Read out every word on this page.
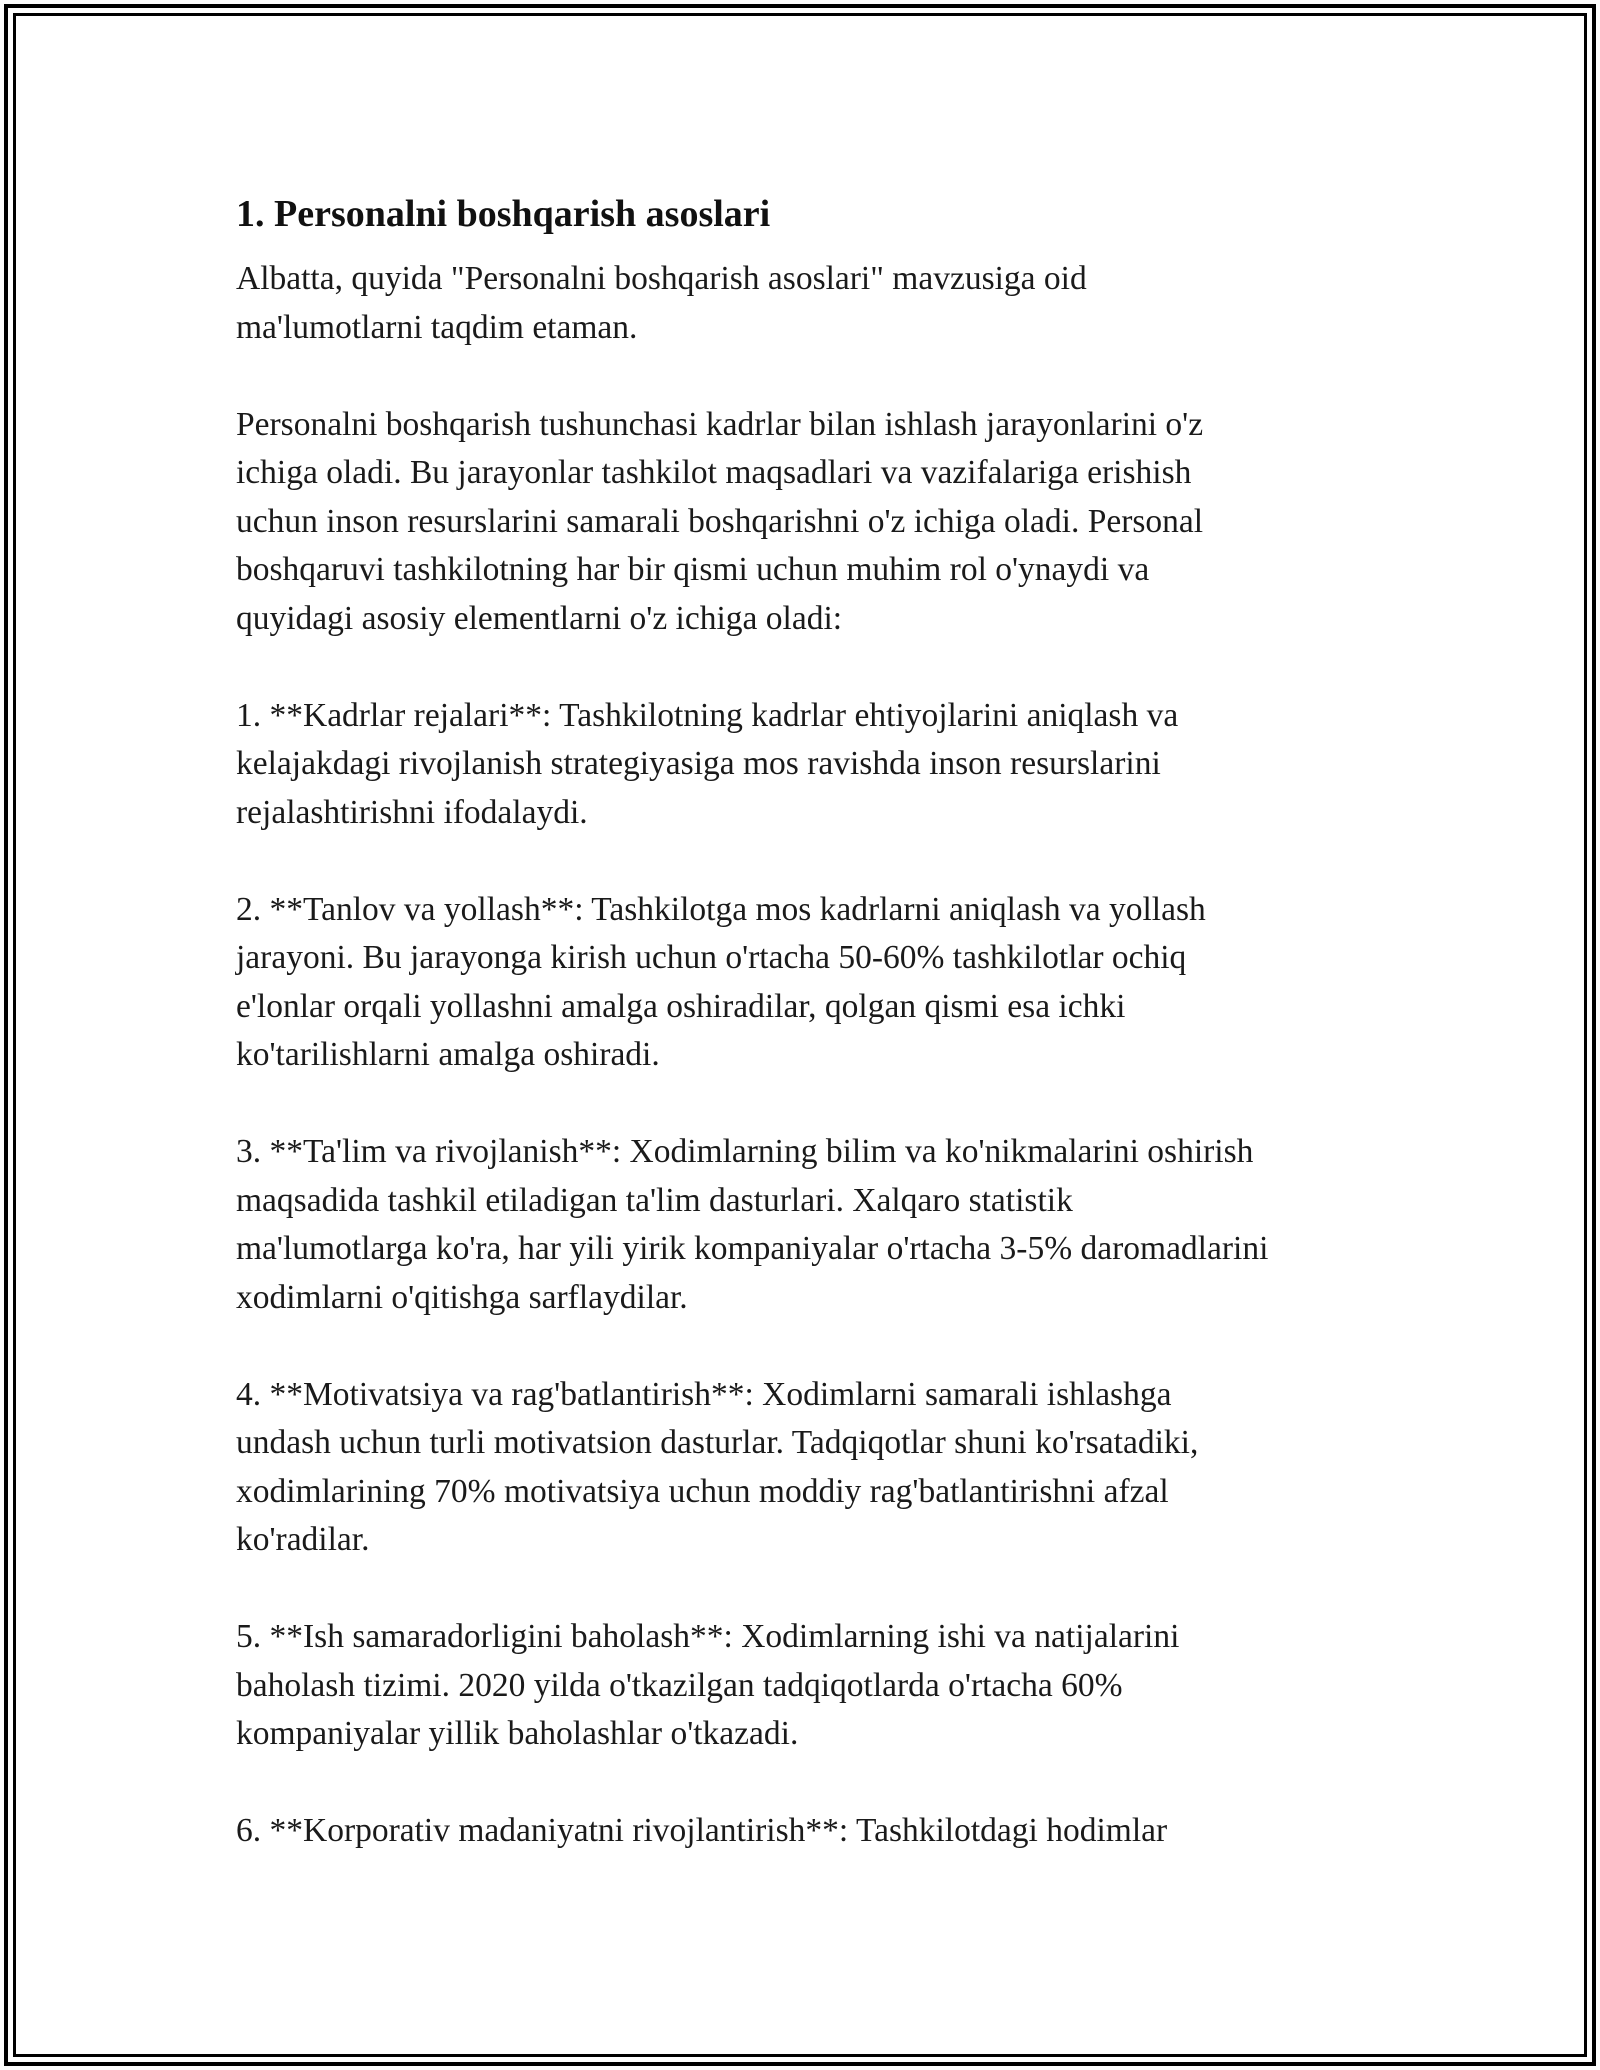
1. Personalni boshqarish asoslari

Albatta, quyida "Personalni boshqarish asoslari" mavzusiga oid
ma'lumotlarni taqdim etaman.

Personalni boshqarish tushunchasi kadrlar bilan ishlash jarayonlarini o'z
ichiga oladi. Bu jarayonlar tashkilot maqsadlari va vazifalariga erishish
uchun inson resurslarini samarali boshqarishni o'z ichiga oladi. Personal
boshqaruvi tashkilotning har bir qismi uchun muhim rol o'ynaydi va
quyidagi asosiy elementlarni o'z ichiga oladi:

1. **Kadrlar rejalari**: Tashkilotning kadrlar ehtiyojlarini aniqlash va
kelajakdagi rivojlanish strategiyasiga mos ravishda inson resurslarini
rejalashtirishni ifodalaydi.

2. **Tanlov va yollash**: Tashkilotga mos kadrlarni aniqlash va yollash
jarayoni. Bu jarayonga kirish uchun o'rtacha 50-60% tashkilotlar ochiq
e'lonlar orqali yollashni amalga oshiradilar, qolgan qismi esa ichki
ko'tarilishlarni amalga oshiradi.

3. **Ta'lim va rivojlanish**: Xodimlarning bilim va ko'nikmalarini oshirish
maqsadida tashkil etiladigan ta'lim dasturlari. Xalqaro statistik
ma'lumotlarga ko'ra, har yili yirik kompaniyalar o'rtacha 3-5% daromadlarini
xodimlarni o'qitishga sarflaydilar.

4. **Motivatsiya va rag'batlantirish**: Xodimlarni samarali ishlashga
undash uchun turli motivatsion dasturlar. Tadqiqotlar shuni ko'rsatadiki,
xodimlarining 70% motivatsiya uchun moddiy rag'batlantirishni afzal
ko'radilar.

5. **Ish samaradorligini baholash**: Xodimlarning ishi va natijalarini
baholash tizimi. 2020 yilda o'tkazilgan tadqiqotlarda o'rtacha 60%
kompaniyalar yillik baholashlar o'tkazadi.

6. **Korporativ madaniyatni rivojlantirish**: Tashkilotdagi hodimlar
